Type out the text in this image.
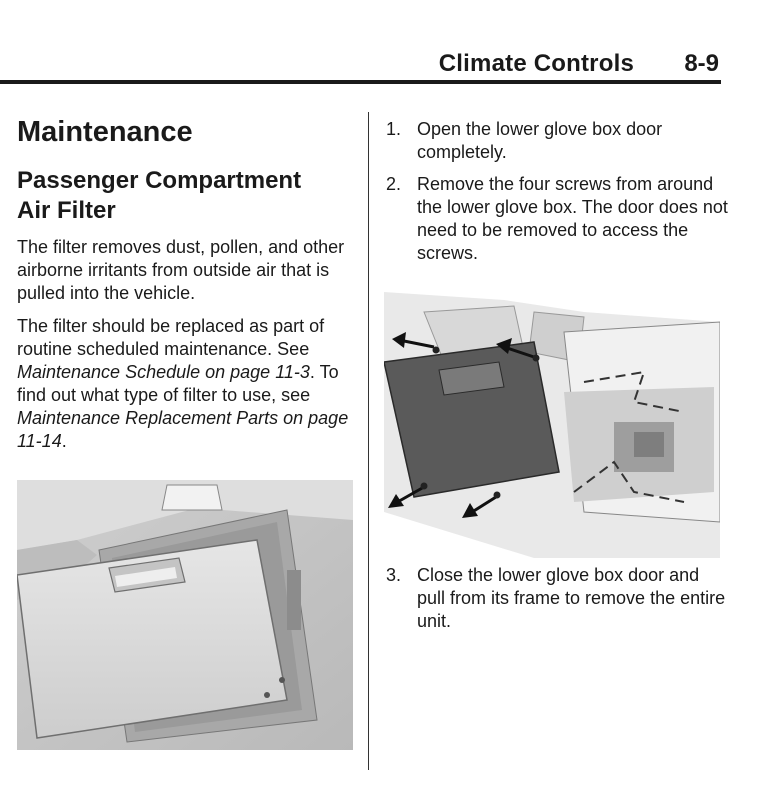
Climate Controls 8-9
Maintenance
Passenger Compartment
Air Filter

The filter removes dust, pollen, and other airborne irritants from outside air that is pulled into the vehicle.

The filter should be replaced as part of routine scheduled maintenance. See Maintenance Schedule on page 11-3. To find out what type of filter to use, see Maintenance Replacement Parts on page 11-14.

1. Open the lower glove box door completely.
2. Remove the four screws from around the lower glove box. The door does not need to be removed to access the screws.
3. Close the lower glove box door and pull from its frame to remove the entire unit.
